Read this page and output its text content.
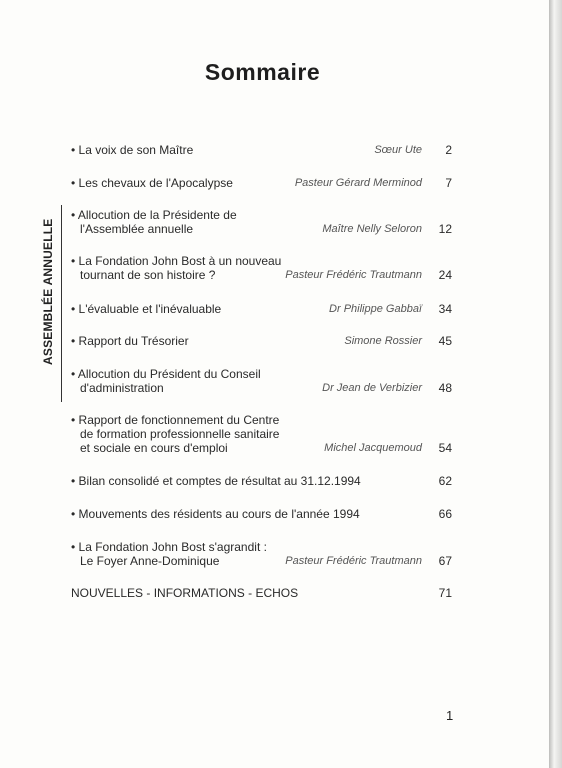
Sommaire
ASSEMBLÉE ANNUELLE
• La voix de son Maître	Sœur Ute	2
• Les chevaux de l'Apocalypse	Pasteur Gérard Merminod	7
• Allocution de la Présidente de
l'Assemblée annuelle	Maître Nelly Seloron	12
• La Fondation John Bost à un nouveau
tournant de son histoire ?	Pasteur Frédéric Trautmann	24
• L'évaluable et l'inévaluable	Dr Philippe Gabbaï	34
• Rapport du Trésorier	Simone Rossier	45
• Allocution du Président du Conseil
d'administration	Dr Jean de Verbizier	48
• Rapport de fonctionnement du Centre
de formation professionnelle sanitaire
et sociale en cours d'emploi	Michel Jacquemoud	54
• Bilan consolidé et comptes de résultat au 31.12.1994	62
• Mouvements des résidents au cours de l'année 1994	66
• La Fondation John Bost s'agrandit :
Le Foyer Anne-Dominique	Pasteur Frédéric Trautmann	67
NOUVELLES - INFORMATIONS - ECHOS	71
1
